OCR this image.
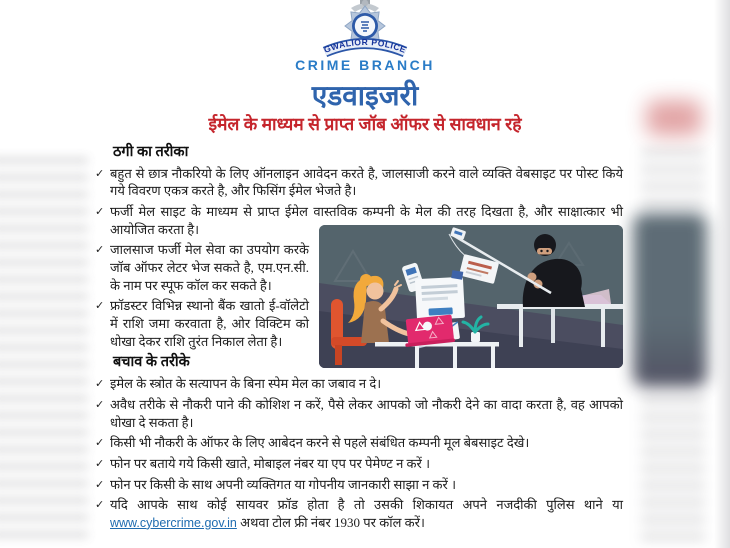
GWALIOR POLICE
CRIME BRANCH
एडवाइजरी
ईमेल के माध्यम से प्राप्त जॉब ऑफर से सावधान रहे
ठगी का तरीका
✓ बहुत से छात्र नौकरियो के लिए ऑनलाइन आवेदन करते है, जालसाजी करने वाले व्यक्ति वेबसाइट पर पोस्ट किये गये विवरण एकत्र करते है, और फिसिंग ईमेल भेजते है।
✓ फर्जी मेल साइट के माध्यम से प्राप्त ईमेल वास्तविक कम्पनी के मेल की तरह दिखता है, और साक्षात्कार भी आयोजित करता है।
✓ जालसाज फर्जी मेल सेवा का उपयोग करके जॉब ऑफर लेटर भेज सकते है, एम.एन.सी. के नाम पर स्पूफ कॉल कर सकते है।
✓ फ्रॉडस्टर विभिन्न स्थानो बैंक खातो ई-वॉलेटो में राशि जमा करवाता है, ओर विक्टिम को धोखा देकर राशि तुरंत निकाल लेता है।
बचाव के तरीके
✓ इमेल के स्त्रोत के सत्यापन के बिना स्पेम मेल का जबाव न दे।
✓ अवैध तरीके से नौकरी पाने की कोशिश न करें, पैसे लेकर आपको जो नौकरी देने का वादा करता है, वह आपको धोखा दे सकता है।
✓ किसी भी नौकरी के ऑफर के लिए आबेदन करने से पहले संबंधित कम्पनी मूल बेबसाइट देखे।
✓ फोन पर बताये गये किसी खाते, मोबाइल नंबर या एप पर पेमेण्ट न करें ।
✓ फोन पर किसी के साथ अपनी व्यक्तिगत या गोपनीय जानकारी साझा न करें ।
✓ यदि आपके साथ कोई सायवर फ्रॉड होता है तो उसकी शिकायत अपने नजदीकी पुलिस थाने या www.cybercrime.gov.in अथवा टोल फ्री नंबर 1930 पर कॉल करें।
